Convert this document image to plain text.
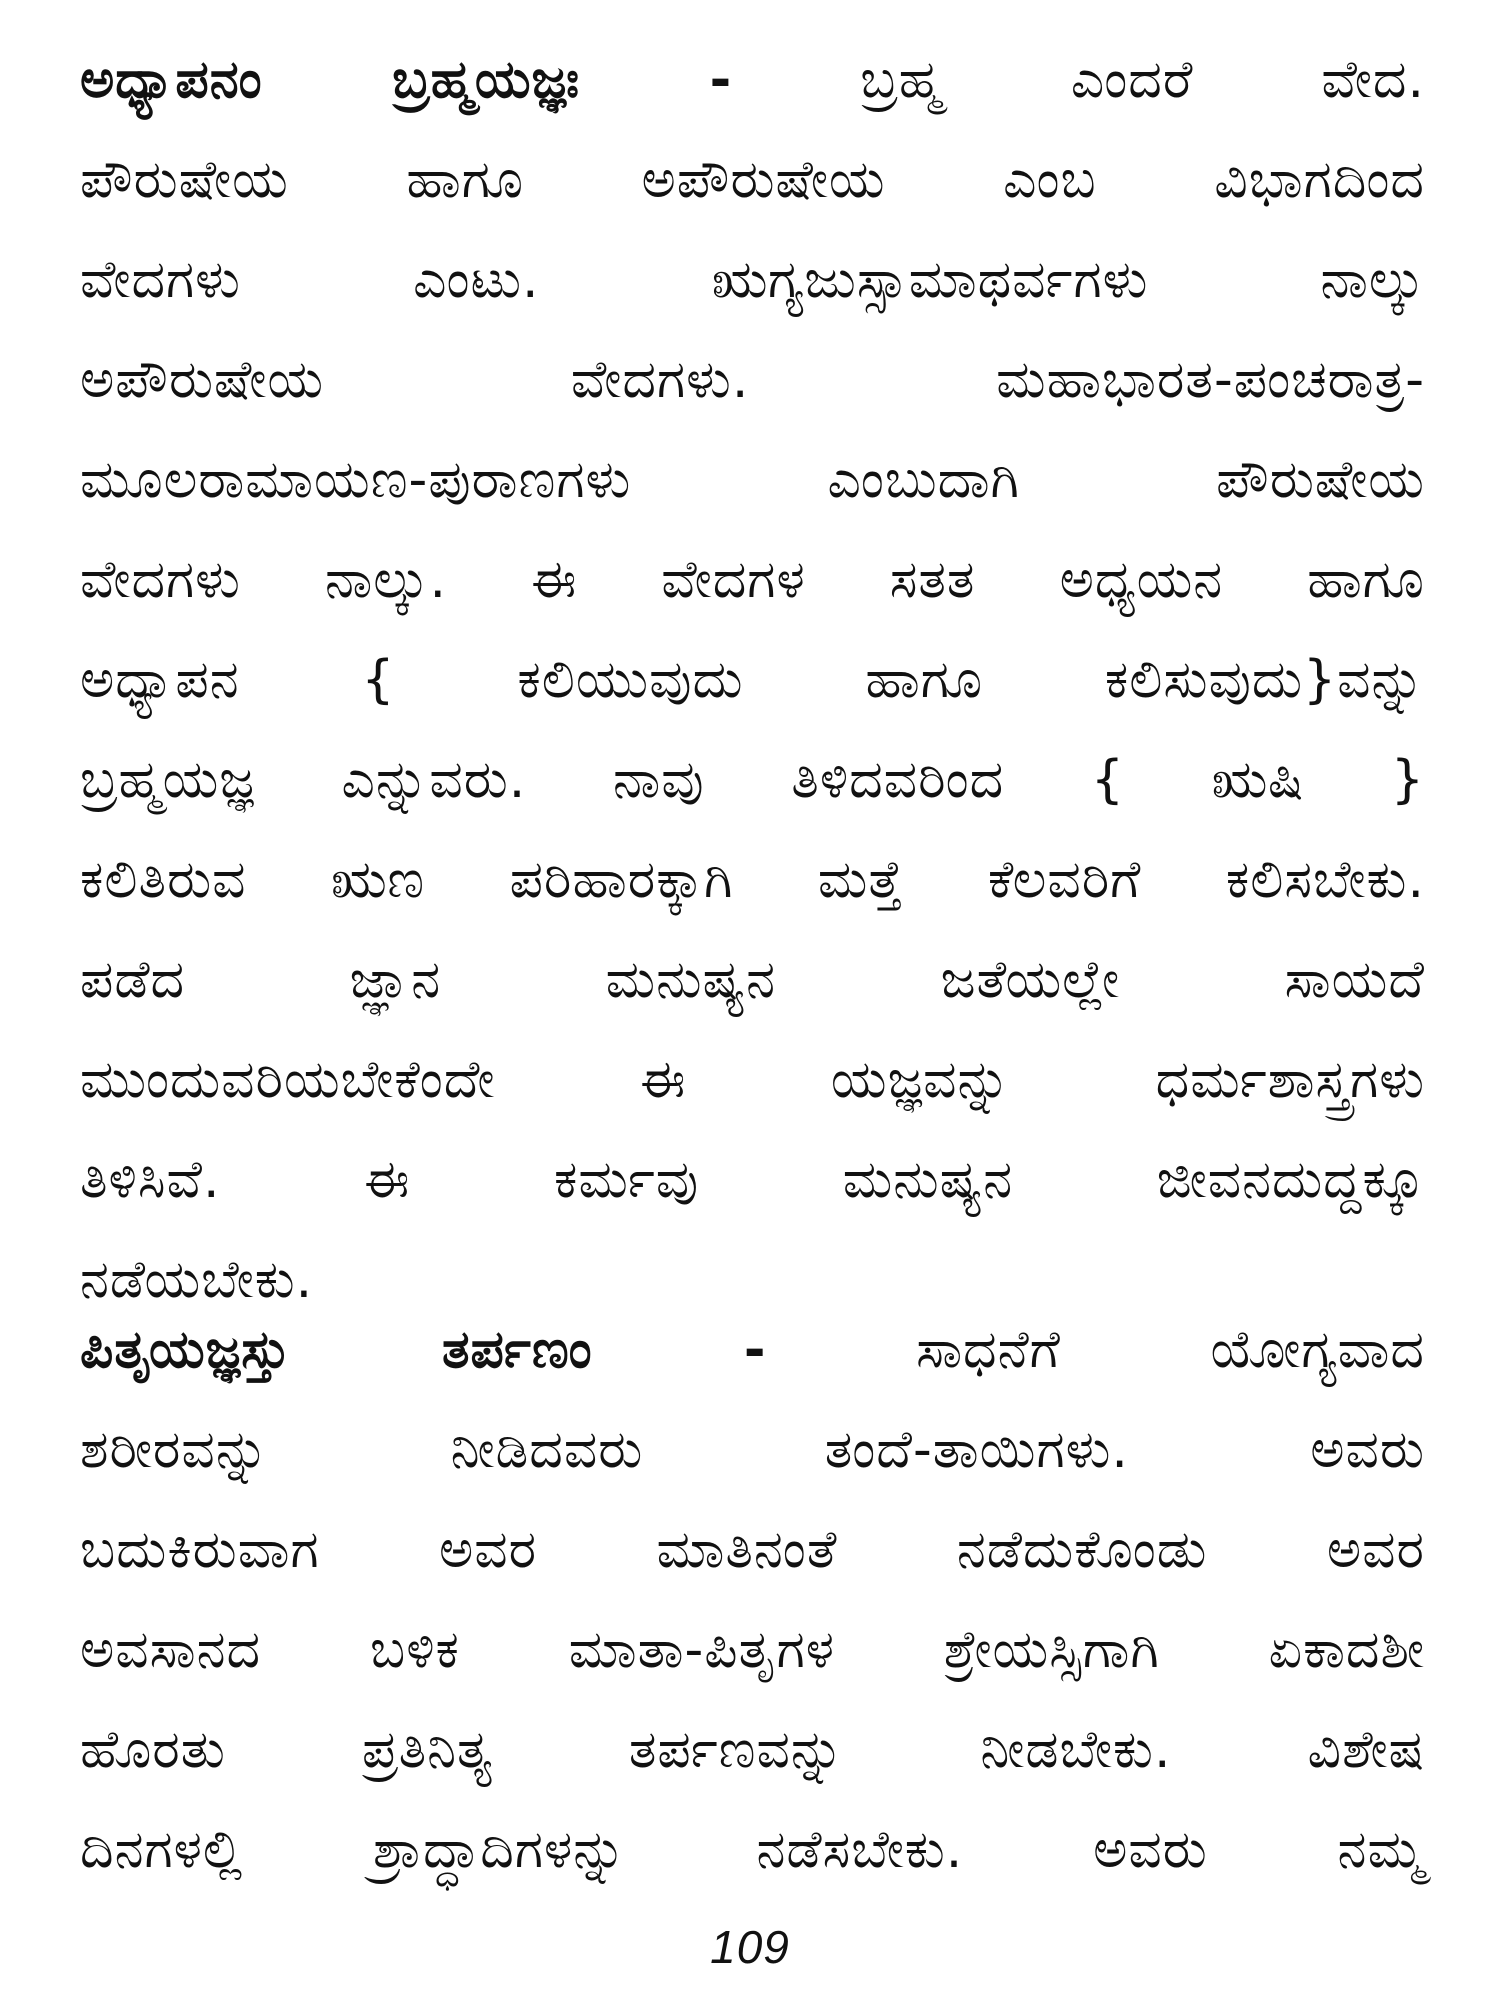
ಅಧ್ಯಾಪನಂ ಬ್ರಹ್ಮಯಜ್ಞಃ - ಬ್ರಹ್ಮ ಎಂದರೆ ವೇದ.
ಪೌರುಷೇಯ ಹಾಗೂ ಅಪೌರುಷೇಯ ಎಂಬ ವಿಭಾಗದಿಂದ
ವೇದಗಳು ಎಂಟು. ಋಗ್ಯಜುಸ್ಸಾಮಾಥರ್ವಗಳು ನಾಲ್ಕು
ಅಪೌರುಷೇಯ ವೇದಗಳು. ಮಹಾಭಾರತ-ಪಂಚರಾತ್ರ-
ಮೂಲರಾಮಾಯಣ-ಪುರಾಣಗಳು ಎಂಬುದಾಗಿ ಪೌರುಷೇಯ
ವೇದಗಳು ನಾಲ್ಕು. ಈ ವೇದಗಳ ಸತತ ಅಧ್ಯಯನ ಹಾಗೂ
ಅಧ್ಯಾಪನ { ಕಲಿಯುವುದು ಹಾಗೂ ಕಲಿಸುವುದು}ವನ್ನು
ಬ್ರಹ್ಮಯಜ್ಞ ಎನ್ನುವರು. ನಾವು ತಿಳಿದವರಿಂದ { ಋಷಿ }
ಕಲಿತಿರುವ ಋಣ ಪರಿಹಾರಕ್ಕಾಗಿ ಮತ್ತೆ ಕೆಲವರಿಗೆ ಕಲಿಸಬೇಕು.
ಪಡೆದ ಜ್ಞಾನ ಮನುಷ್ಯನ ಜತೆಯಲ್ಲೇ ಸಾಯದೆ
ಮುಂದುವರಿಯಬೇಕೆಂದೇ ಈ ಯಜ್ಞವನ್ನು ಧರ್ಮಶಾಸ್ತ್ರಗಳು
ತಿಳಿಸಿವೆ. ಈ ಕರ್ಮವು ಮನುಷ್ಯನ ಜೀವನದುದ್ದಕ್ಕೂ
ನಡೆಯಬೇಕು.
ಪಿತೃಯಜ್ಞಸ್ತು ತರ್ಪಣಂ -	ಸಾಧನೆಗೆ ಯೋಗ್ಯವಾದ
ಶರೀರವನ್ನು ನೀಡಿದವರು ತಂದೆ-ತಾಯಿಗಳು. ಅವರು
ಬದುಕಿರುವಾಗ ಅವರ ಮಾತಿನಂತೆ ನಡೆದುಕೊಂಡು ಅವರ
ಅವಸಾನದ ಬಳಿಕ ಮಾತಾ-ಪಿತೃಗಳ ಶ್ರೇಯಸ್ಸಿಗಾಗಿ ಏಕಾದಶೀ
ಹೊರತು ಪ್ರತಿನಿತ್ಯ ತರ್ಪಣವನ್ನು ನೀಡಬೇಕು. ವಿಶೇಷ
ದಿನಗಳಲ್ಲಿ ಶ್ರಾದ್ಧಾದಿಗಳನ್ನು ನಡೆಸಬೇಕು. ಅವರು ನಮ್ಮ
109
